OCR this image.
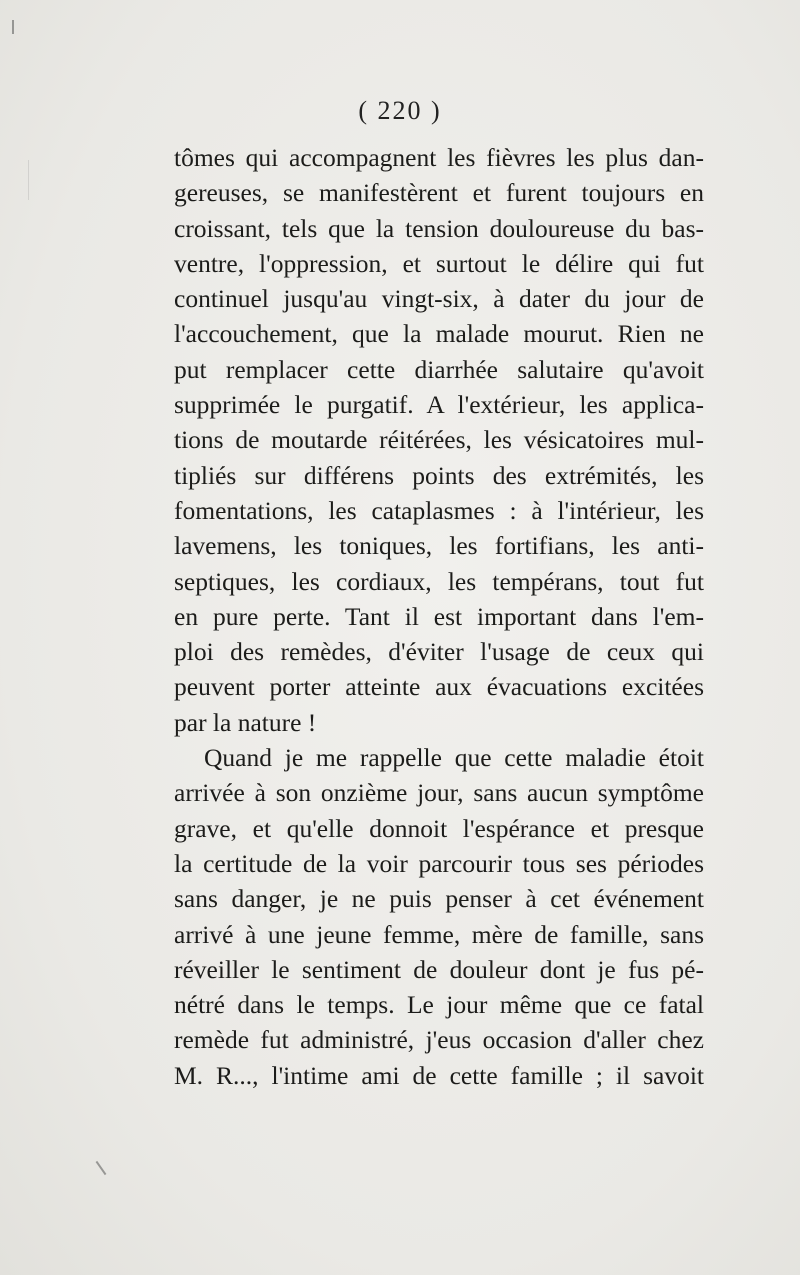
( 220 )
tômes qui accompagnent les fièvres les plus dan-
gereuses, se manifestèrent et furent toujours en
croissant, tels que la tension douloureuse du bas-
ventre, l'oppression, et surtout le délire qui fut
continuel jusqu'au vingt-six, à dater du jour de
l'accouchement, que la malade mourut. Rien ne
put remplacer cette diarrhée salutaire qu'avoit
supprimée le purgatif. A l'extérieur, les applica-
tions de moutarde réitérées, les vésicatoires mul-
tipliés sur différens points des extrémités, les
fomentations, les cataplasmes : à l'intérieur, les
lavemens, les toniques, les fortifians, les anti-
septiques, les cordiaux, les tempérans, tout fut
en pure perte. Tant il est important dans l'em-
ploi des remèdes, d'éviter l'usage de ceux qui
peuvent porter atteinte aux évacuations excitées
par la nature !
Quand je me rappelle que cette maladie étoit
arrivée à son onzième jour, sans aucun symptôme
grave, et qu'elle donnoit l'espérance et presque
la certitude de la voir parcourir tous ses périodes
sans danger, je ne puis penser à cet événement
arrivé à une jeune femme, mère de famille, sans
réveiller le sentiment de douleur dont je fus pé-
nétré dans le temps. Le jour même que ce fatal
remède fut administré, j'eus occasion d'aller chez
M. R..., l'intime ami de cette famille ; il savoit
